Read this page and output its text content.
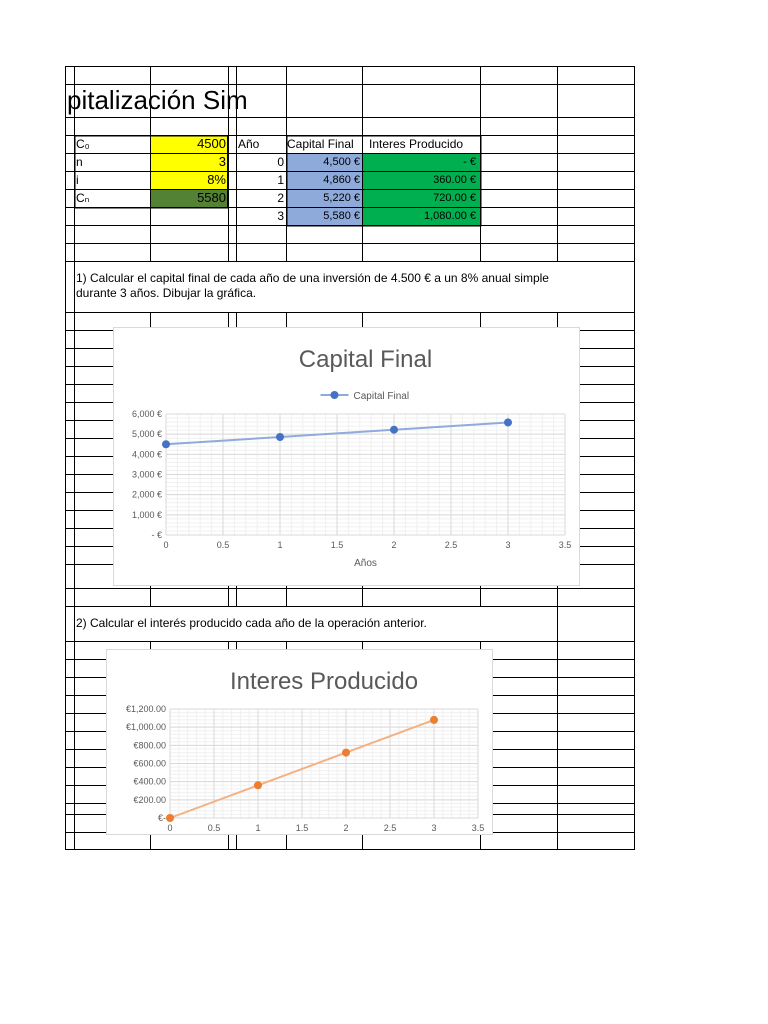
pitalización Sim
C₀	4500
n	3
i	8%
Cₙ	5580
Año	Capital Final	Interes Producido
0	4,500 €	- €
1	4,860 €	360.00 €
2	5,220 €	720.00 €
3	5,580 €	1,080.00 €
1) Calcular el capital final de cada año de una inversión de 4.500 € a un 8% anual simple
durante 3 años. Dibujar la gráfica.
2) Calcular el interés producido cada año de la operación anterior.
Capital Final
Capital Final
0	0.5	1	1.5	2	2.5	3	3.5
- €
1,000 €
2,000 €
3,000 €
4,000 €
5,000 €
6,000 €
Años
Interes Producido
0	0.5	1	1.5	2	2.5	3	3.5
€-
€200.00
€400.00
€600.00
€800.00
€1,000.00
€1,200.00
